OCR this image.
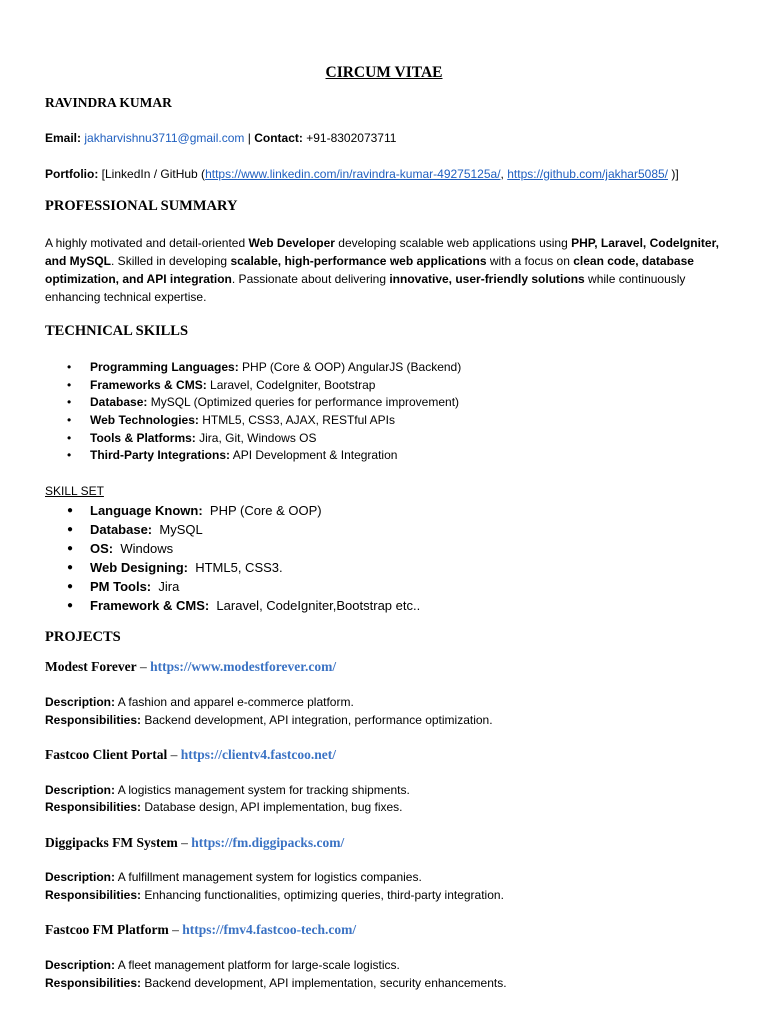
CIRCUM VITAE
RAVINDRA KUMAR
Email: jakharvishnu3711@gmail.com | Contact: +91-8302073711
Portfolio: [LinkedIn / GitHub (https://www.linkedin.com/in/ravindra-kumar-49275125a/, https://github.com/jakhar5085/ )]
PROFESSIONAL SUMMARY
A highly motivated and detail-oriented Web Developer developing scalable web applications using PHP, Laravel, CodeIgniter, and MySQL. Skilled in developing scalable, high-performance web applications with a focus on clean code, database optimization, and API integration. Passionate about delivering innovative, user-friendly solutions while continuously enhancing technical expertise.
TECHNICAL SKILLS
• Programming Languages: PHP (Core & OOP) AngularJS (Backend)
• Frameworks & CMS: Laravel, CodeIgniter, Bootstrap
• Database: MySQL (Optimized queries for performance improvement)
• Web Technologies: HTML5, CSS3, AJAX, RESTful APIs
• Tools & Platforms: Jira, Git, Windows OS
• Third-Party Integrations: API Development & Integration
SKILL SET
● Language Known:  PHP (Core & OOP)
● Database:  MySQL
● OS:  Windows
● Web Designing:  HTML5, CSS3.
● PM Tools:  Jira
● Framework & CMS:  Laravel, CodeIgniter,Bootstrap etc..
PROJECTS
Modest Forever – https://www.modestforever.com/
Description: A fashion and apparel e-commerce platform.
Responsibilities: Backend development, API integration, performance optimization.
Fastcoo Client Portal – https://clientv4.fastcoo.net/
Description: A logistics management system for tracking shipments.
Responsibilities: Database design, API implementation, bug fixes.
Diggipacks FM System – https://fm.diggipacks.com/
Description: A fulfillment management system for logistics companies.
Responsibilities: Enhancing functionalities, optimizing queries, third-party integration.
Fastcoo FM Platform – https://fmv4.fastcoo-tech.com/
Description: A fleet management platform for large-scale logistics.
Responsibilities: Backend development, API implementation, security enhancements.
